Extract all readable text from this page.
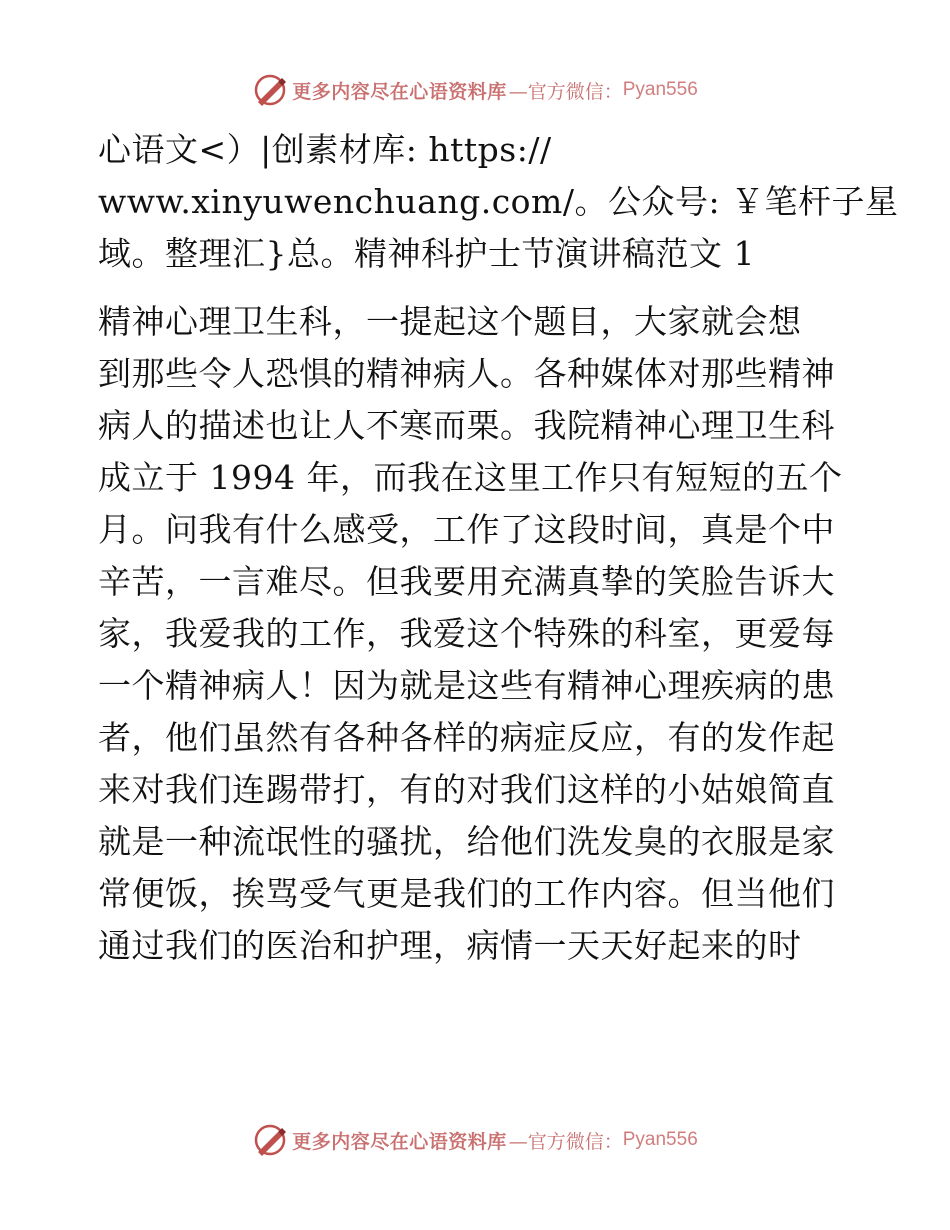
更多内容尽在心语资料库 —官方微信： Pyan556
心语文<）|创素材库: https://
www.xinyuwenchuang.com/。公众号: ￥笔杆子星
域。整理汇}总。精神科护士节演讲稿范文 1
精神心理卫生科，一提起这个题目，大家就会想
到那些令人恐惧的精神病人。各种媒体对那些精神
病人的描述也让人不寒而栗。我院精神心理卫生科
成立于 1994 年，而我在这里工作只有短短的五个
月。问我有什么感受，工作了这段时间，真是个中
辛苦，一言难尽。但我要用充满真挚的笑脸告诉大
家，我爱我的工作，我爱这个特殊的科室，更爱每
一个精神病人！因为就是这些有精神心理疾病的患
者，他们虽然有各种各样的病症反应，有的发作起
来对我们连踢带打，有的对我们这样的小姑娘简直
就是一种流氓性的骚扰，给他们洗发臭的衣服是家
常便饭，挨骂受气更是我们的工作内容。但当他们
通过我们的医治和护理，病情一天天好起来的时
更多内容尽在心语资料库 —官方微信： Pyan556
